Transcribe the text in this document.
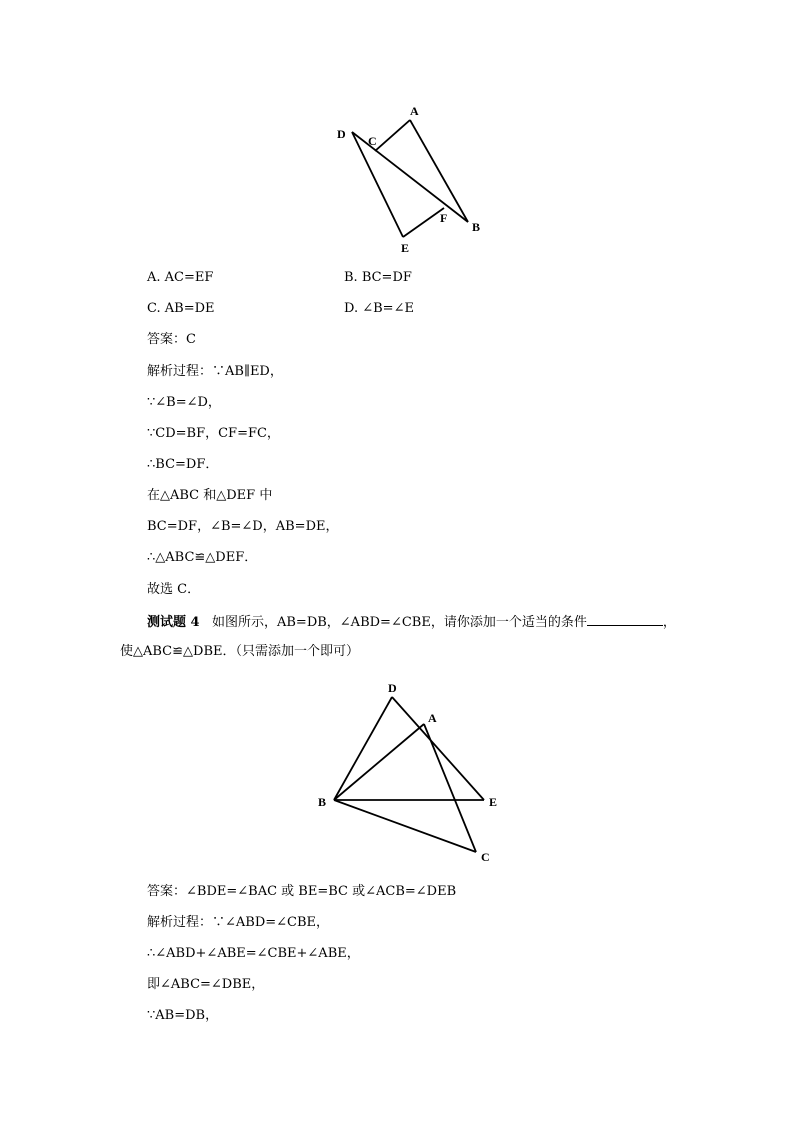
A
B
C
D
E
F
A. AC=EF	B. BC=DF
C. AB=DE	D. ∠B=∠E
答案：C
解析过程：∵AB∥ED，
∵∠B=∠D，
∵CD=BF，CF=FC，
∴BC=DF．
在△ABC 和△DEF 中
BC=DF，∠B=∠D，AB=DE，
∴△ABC≌△DEF．
故选 C．
测试题 4 如图所示，AB=DB，∠ABD=∠CBE，请你添加一个适当的条件	，
使△ABC≌△DBE．（只需添加一个即可）
D
A
B	E
C
答案：∠BDE=∠BAC 或 BE=BC 或∠ACB=∠DEB
解析过程：∵∠ABD=∠CBE，
∴∠ABD+∠ABE=∠CBE+∠ABE，
即∠ABC=∠DBE，
∵AB=DB，
